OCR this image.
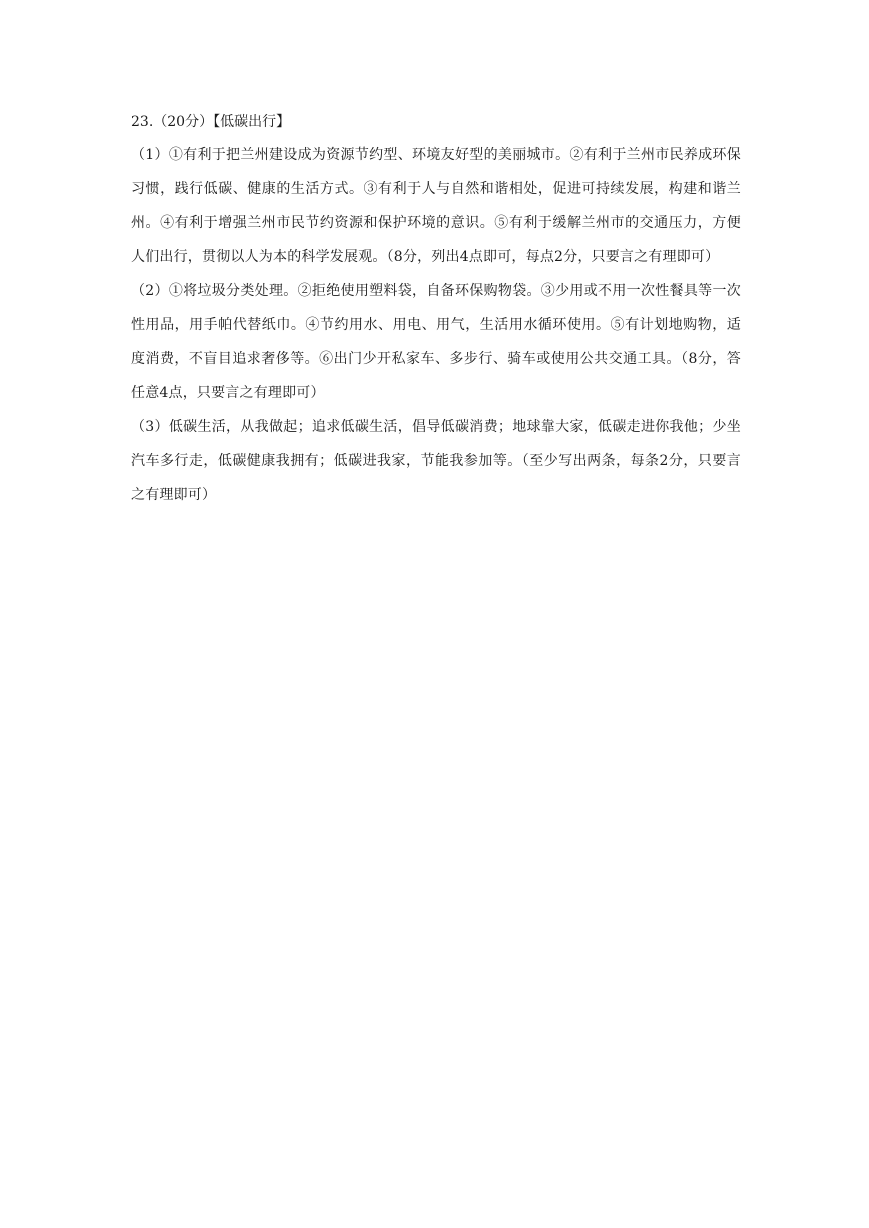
23.（20分）【低碳出行】

（1）①有利于把兰州建设成为资源节约型、环境友好型的美丽城市。②有利于兰州市民养成环保习惯，践行低碳、健康的生活方式。③有利于人与自然和谐相处，促进可持续发展，构建和谐兰州。④有利于增强兰州市民节约资源和保护环境的意识。⑤有利于缓解兰州市的交通压力，方便人们出行，贯彻以人为本的科学发展观。（8分，列出4点即可，每点2分，只要言之有理即可）

（2）①将垃圾分类处理。②拒绝使用塑料袋，自备环保购物袋。③少用或不用一次性餐具等一次性用品，用手帕代替纸巾。④节约用水、用电、用气，生活用水循环使用。⑤有计划地购物，适度消费，不盲目追求奢侈等。⑥出门少开私家车、多步行、骑车或使用公共交通工具。（8分，答任意4点，只要言之有理即可）

（3）低碳生活，从我做起；追求低碳生活，倡导低碳消费；地球靠大家，低碳走进你我他；少坐汽车多行走，低碳健康我拥有；低碳进我家，节能我参加等。（至少写出两条，每条2分，只要言之有理即可）
